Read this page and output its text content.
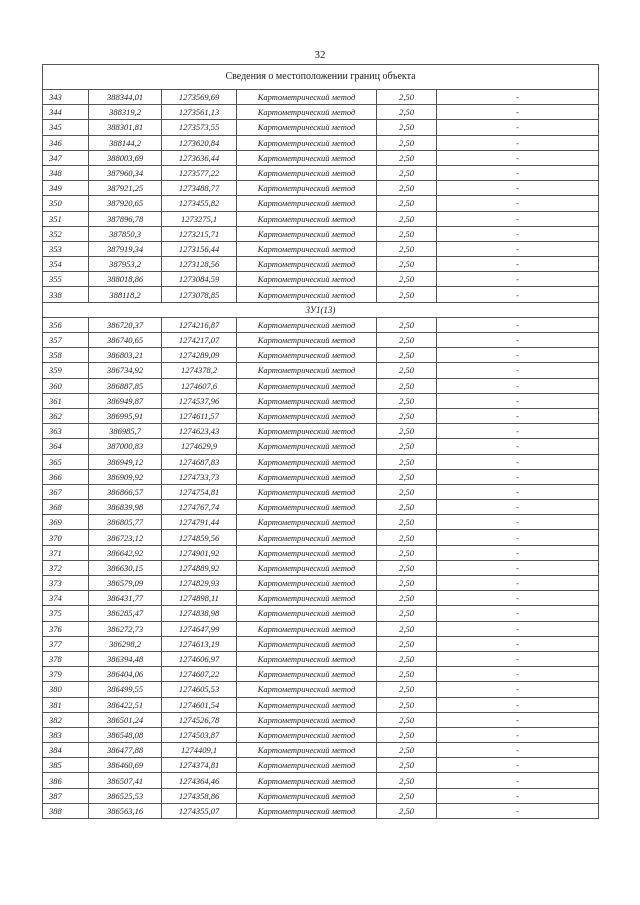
32
Сведения о местоположении границ объекта					
343	388344,01	1273569,69	Картометрический метод	2,50	-
344	388319,2	1273561,13	Картометрический метод	2,50	-
345	388301,81	1273573,55	Картометрический метод	2,50	-
346	388144,2	1273620,84	Картометрический метод	2,50	-
347	388003,69	1273636,44	Картометрический метод	2,50	-
348	387960,34	1273577,22	Картометрический метод	2,50	-
349	387921,25	1273488,77	Картометрический метод	2,50	-
350	387920,65	1273455,82	Картометрический метод	2,50	-
351	387896,78	1273275,1	Картометрический метод	2,50	-
352	387850,3	1273215,71	Картометрический метод	2,50	-
353	387919,34	1273156,44	Картометрический метод	2,50	-
354	387953,2	1273128,56	Картометрический метод	2,50	-
355	388018,86	1273084,59	Картометрический метод	2,50	-
338	388118,2	1273078,85	Картометрический метод	2,50	-
ЗУ1(13)					
356	386720,37	1274216,87	Картометрический метод	2,50	-
357	386740,65	1274217,07	Картометрический метод	2,50	-
358	386803,21	1274289,09	Картометрический метод	2,50	-
359	386734,92	1274378,2	Картометрический метод	2,50	-
360	386887,85	1274607,6	Картометрический метод	2,50	-
361	386949,87	1274537,96	Картометрический метод	2,50	-
362	386995,91	1274611,57	Картометрический метод	2,50	-
363	386985,7	1274623,43	Картометрический метод	2,50	-
364	387000,83	1274629,9	Картометрический метод	2,50	-
365	386949,12	1274687,83	Картометрический метод	2,50	-
366	386909,92	1274733,73	Картометрический метод	2,50	-
367	386866,57	1274754,81	Картометрический метод	2,50	-
368	386839,98	1274767,74	Картометрический метод	2,50	-
369	386805,77	1274791,44	Картометрический метод	2,50	-
370	386723,12	1274859,56	Картометрический метод	2,50	-
371	386642,92	1274901,92	Картометрический метод	2,50	-
372	386630,15	1274889,92	Картометрический метод	2,50	-
373	386579,09	1274829,93	Картометрический метод	2,50	-
374	386431,77	1274898,11	Картометрический метод	2,50	-
375	386285,47	1274838,98	Картометрический метод	2,50	-
376	386272,73	1274647,99	Картометрический метод	2,50	-
377	386298,2	1274613,19	Картометрический метод	2,50	-
378	386394,48	1274606,97	Картометрический метод	2,50	-
379	386404,06	1274607,22	Картометрический метод	2,50	-
380	386499,55	1274605,53	Картометрический метод	2,50	-
381	386422,51	1274601,54	Картометрический метод	2,50	-
382	386501,24	1274526,78	Картометрический метод	2,50	-
383	386548,08	1274503,87	Картометрический метод	2,50	-
384	386477,88	1274409,1	Картометрический метод	2,50	-
385	386460,69	1274374,81	Картометрический метод	2,50	-
386	386507,41	1274364,46	Картометрический метод	2,50	-
387	386525,53	1274358,86	Картометрический метод	2,50	-
388	386563,16	1274355,07	Картометрический метод	2,50	-
